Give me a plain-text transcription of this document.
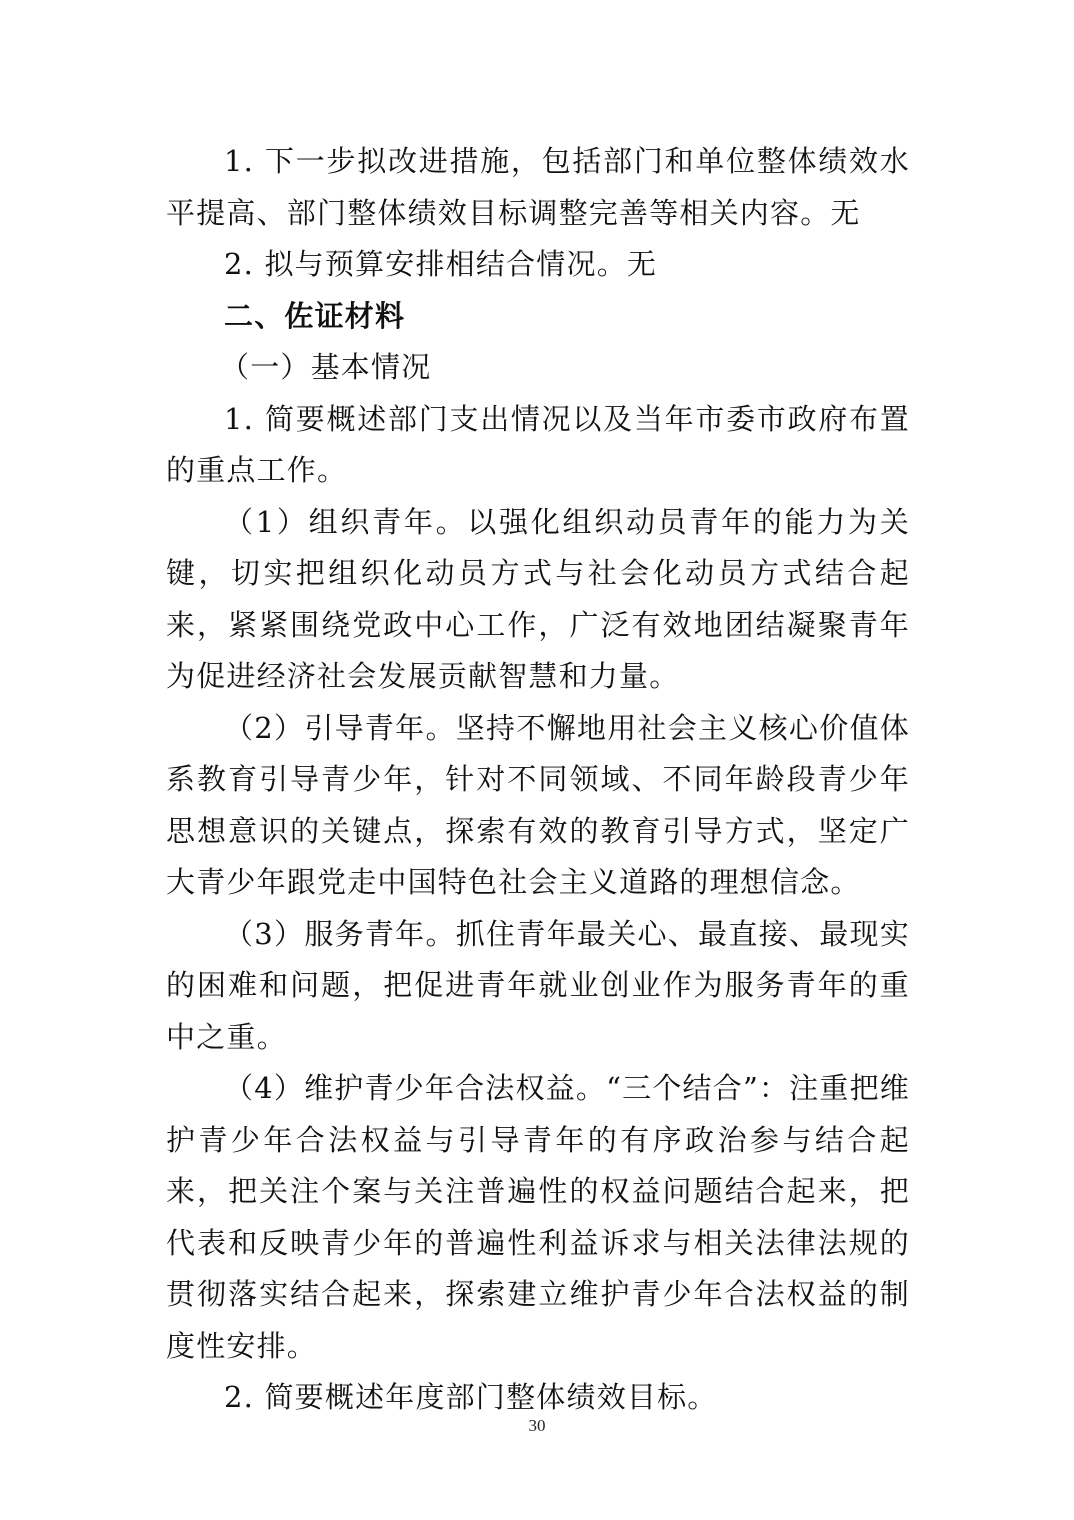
1. 下一步拟改进措施，包括部门和单位整体绩效水平提高、部门整体绩效目标调整完善等相关内容。无

2. 拟与预算安排相结合情况。无

二、佐证材料

（一）基本情况

1. 简要概述部门支出情况以及当年市委市政府布置的重点工作。

（1）组织青年。以强化组织动员青年的能力为关键，切实把组织化动员方式与社会化动员方式结合起来，紧紧围绕党政中心工作，广泛有效地团结凝聚青年为促进经济社会发展贡献智慧和力量。

（2）引导青年。坚持不懈地用社会主义核心价值体系教育引导青少年，针对不同领域、不同年龄段青少年思想意识的关键点，探索有效的教育引导方式，坚定广大青少年跟党走中国特色社会主义道路的理想信念。

（3）服务青年。抓住青年最关心、最直接、最现实的困难和问题，把促进青年就业创业作为服务青年的重中之重。

（4）维护青少年合法权益。“三个结合”：注重把维护青少年合法权益与引导青年的有序政治参与结合起来，把关注个案与关注普遍性的权益问题结合起来，把代表和反映青少年的普遍性利益诉求与相关法律法规的贯彻落实结合起来，探索建立维护青少年合法权益的制度性安排。

2. 简要概述年度部门整体绩效目标。

30
